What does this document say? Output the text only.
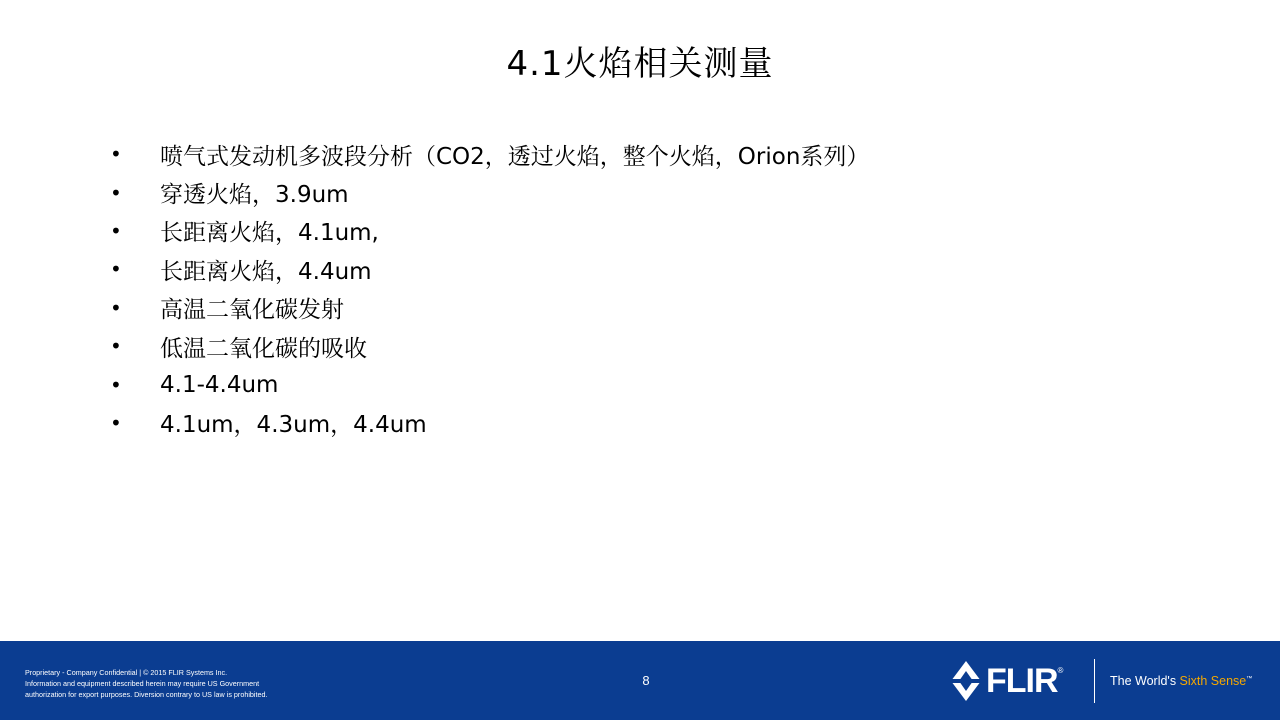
4.1火焰相关测量
•	喷气式发动机多波段分析（CO2，透过火焰，整个火焰，Orion系列）
•	穿透火焰，3.9um
•	长距离火焰，4.1um,
•	长距离火焰，4.4um
•	高温二氧化碳发射
•	低温二氧化碳的吸收
•	4.1-4.4um
•	4.1um，4.3um，4.4um
Proprietary - Company Confidential | © 2015 FLIR Systems Inc.
Information and equipment described herein may require US Government
authorization for export purposes. Diversion contrary to US law is prohibited.
8	FLIR ®
The World's Sixth Sense™
